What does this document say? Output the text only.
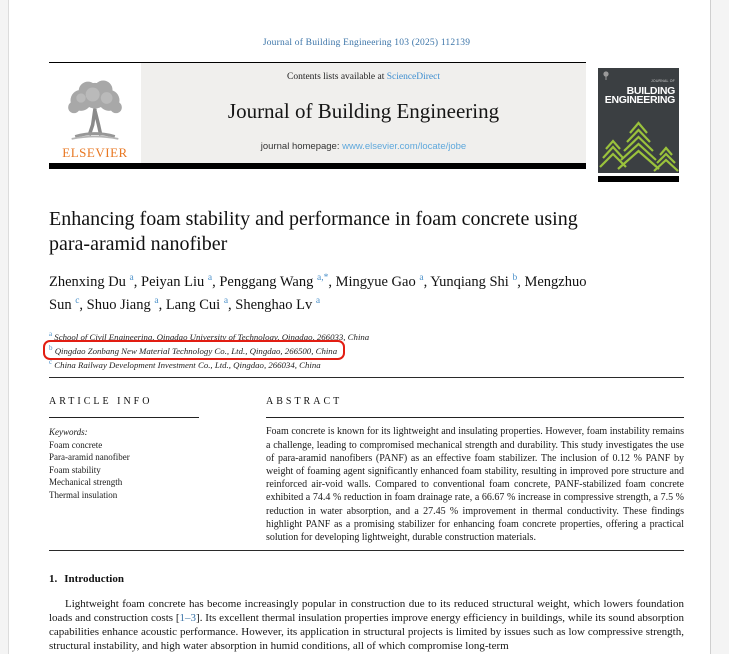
Journal of Building Engineering 103 (2025) 112139
ELSEVIER
Contents lists available at ScienceDirect
Journal of Building Engineering
journal homepage: www.elsevier.com/locate/jobe
JOURNAL OF BUILDING
ENGINEERING
Enhancing foam stability and performance in foam concrete using para-aramid nanofiber
Zhenxing Du $^a$, Peiyan Liu $^a$, Penggang Wang $^{a,*}$, Mingyue Gao $^a$, Yunqiang Shi $^b$, Mengzhuo Sun $^c$, Shuo Jiang $^a$, Lang Cui $^a$, Shenghao Lv $^a$
$^a$ School of Civil Engineering, Qingdao University of Technology, Qingdao, 266033, China
$^b$ Qingdao Zonbang New Material Technology Co., Ltd., Qingdao, 266500, China
$^c$ China Railway Development Investment Co., Ltd., Qingdao, 266034, China
ARTICLE INFO
Keywords:
Foam concrete
Para-aramid nanofiber
Foam stability
Mechanical strength
Thermal insulation
ABSTRACT
Foam concrete is known for its lightweight and insulating properties. However, foam instability remains a challenge, leading to compromised mechanical strength and durability. This study investigates the use of para-aramid nanofibers (PANF) as an effective foam stabilizer. The inclusion of 0.12 % PANF by weight of foaming agent significantly enhanced foam stability, resulting in improved pore structure and reinforced air-void walls. Compared to conventional foam concrete, PANF-stabilized foam concrete exhibited a 74.4 % reduction in foam drainage rate, a 66.67 % increase in compressive strength, a 7.5 % reduction in water absorption, and a 27.45 % improvement in thermal conductivity. These findings highlight PANF as a promising stabilizer for enhancing foam concrete properties, offering a practical solution for developing lightweight, durable construction materials.
1. Introduction
Lightweight foam concrete has become increasingly popular in construction due to its reduced structural weight, which lowers foundation loads and construction costs [1–3]. Its excellent thermal insulation properties improve energy efficiency in buildings, while its sound absorption capabilities enhance acoustic performance. However, its application in structural projects is limited by issues such as low compressive strength, structural instability, and high water absorption in humid conditions, all of which compromise long-term
